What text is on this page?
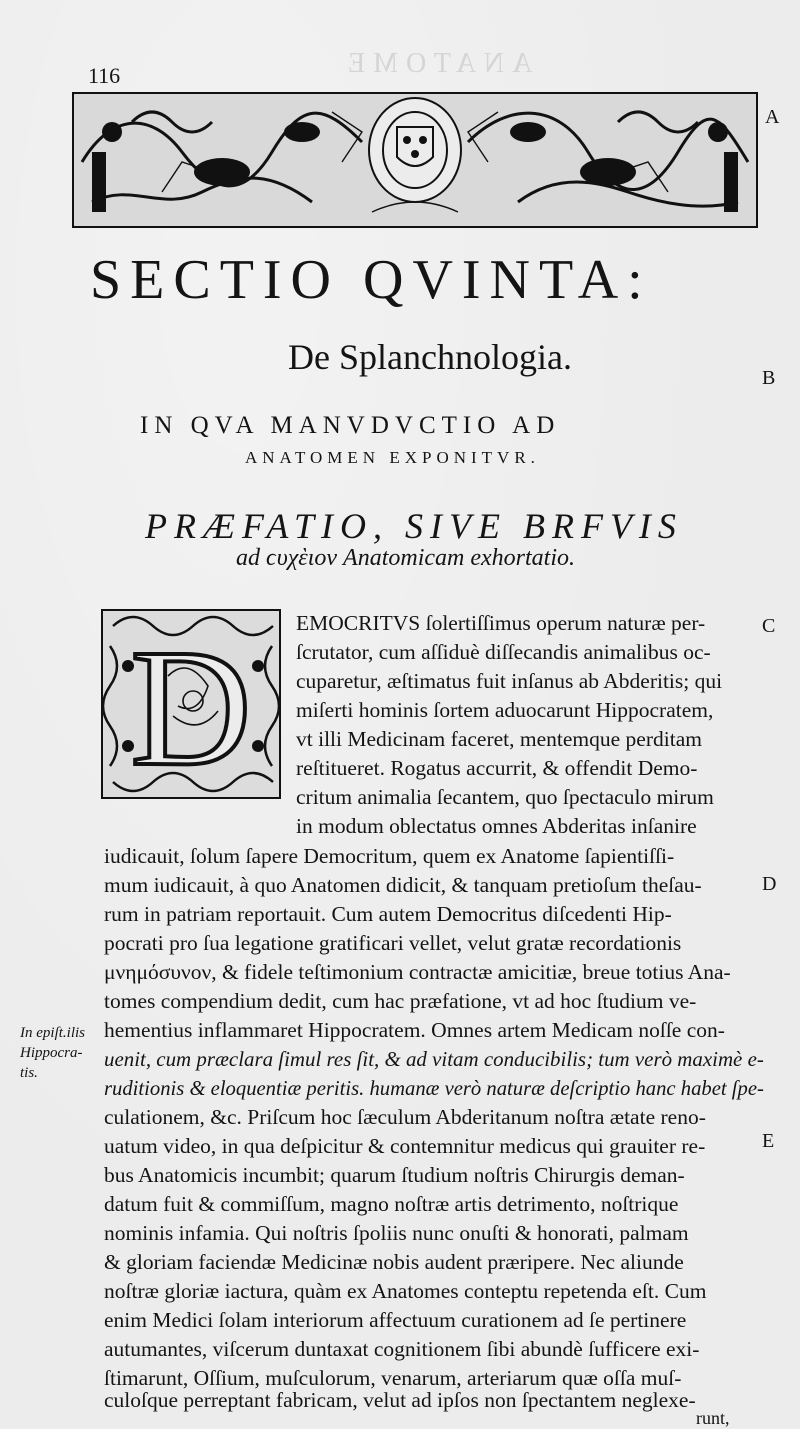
ANATOME
116
A
B
C
D
E
SECTIO QVINTA:
De Splanchnologia.
IN QVA MANVDVCTIO AD
ANATOMEN EXPONITVR.
PRÆFATIO, SIVE BRFVIS
ad ϲυχὲιον Anatomicam exhortatio.
D
In epiſt.ilis
Hippocra-
tis.
EMOCRITVS ſolertiſſimus operum naturæ per-
ſcrutator, cum aſſiduè diſſecandis animalibus oc-
cuparetur, æſtimatus fuit inſanus ab Abderitis; qui
miſerti hominis ſortem aduocarunt Hippocratem,
vt illi Medicinam faceret, mentemque perditam
reſtitueret. Rogatus accurrit, & offendit Demo-
critum animalia ſecantem, quo ſpectaculo mirum
in modum oblectatus omnes Abderitas inſanire
iudicauit, ſolum ſapere Democritum, quem ex Anatome ſapientiſſi-
mum iudicauit, à quo Anatomen didicit, & tanquam pretioſum theſau-
rum in patriam reportauit. Cum autem Democritus diſcedenti Hip-
pocrati pro ſua legatione gratificari vellet, velut gratæ recordationis
μνημόσυνον, & fidele teſtimonium contractæ amicitiæ, breue totius Ana-
tomes compendium dedit, cum hac præfatione, vt ad hoc ſtudium ve-
hementius inflammaret Hippocratem. Omnes artem Medicam noſſe con-
uenit, cum præclara ſimul res ſit, & ad vitam conducibilis; tum verò maximè e-
ruditionis & eloquentiæ peritis. humanæ verò naturæ deſcriptio hanc habet ſpe-
culationem, &c. Priſcum hoc ſæculum Abderitanum noſtra ætate reno-
uatum video, in qua deſpicitur & contemnitur medicus qui grauiter re-
bus Anatomicis incumbit; quarum ſtudium noſtris Chirurgis deman-
datum fuit & commiſſum, magno noſtræ artis detrimento, noſtrique
nominis infamia. Qui noſtris ſpoliis nunc onuſti & honorati, palmam
& gloriam faciendæ Medicinæ nobis audent præripere. Nec aliunde
noſtræ gloriæ iactura, quàm ex Anatomes conteptu repetenda eſt. Cum
enim Medici ſolam interiorum affectuum curationem ad ſe pertinere
autumantes, viſcerum duntaxat cognitionem ſibi abundè ſufficere exi-
ſtimarunt, Oſſium, muſculorum, venarum, arteriarum quæ oſſa muſ-
culoſque perreptant fabricam, velut ad ipſos non ſpectantem neglexe-
runt,
